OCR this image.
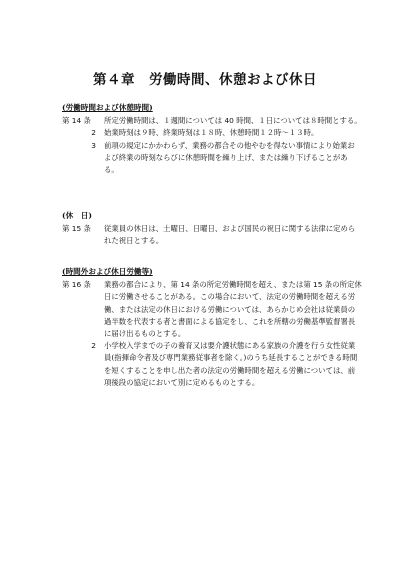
第４章　労働時間、休憩および休日
(労働時間および休憩時間)
第 14 条	所定労働時間は、１週間については 40 時間、１日については８時間とする。
2	始業時刻は９時、終業時刻は１８時、休憩時間１２時～１３時。
3	前項の規定にかかわらず、業務の都合その他やむを得ない事情により始業および終業の時刻ならびに休憩時間を繰り上げ、または繰り下げることがある。
(休　日)
第 15 条	従業員の休日は、土曜日、日曜日、および国民の祝日に関する法律に定められた祝日とする。
(時間外および休日労働等)
第 16 条	業務の都合により、第 14 条の所定労働時間を超え、または第 15 条の所定休日に労働させることがある。この場合において、法定の労働時間を超える労働、または法定の休日における労働については、あらかじめ会社は従業員の過半数を代表する者と書面による協定をし、これを所轄の労働基準監督署長に届け出るものとする。
2	小学校入学までの子の養育又は要介護状態にある家族の介護を行う女性従業員(指揮命令者及び専門業務従事者を除く。)のうち延長することができる時間を短くすることを申し出た者の法定の労働時間を超える労働については、前項後段の協定において別に定めるものとする。
